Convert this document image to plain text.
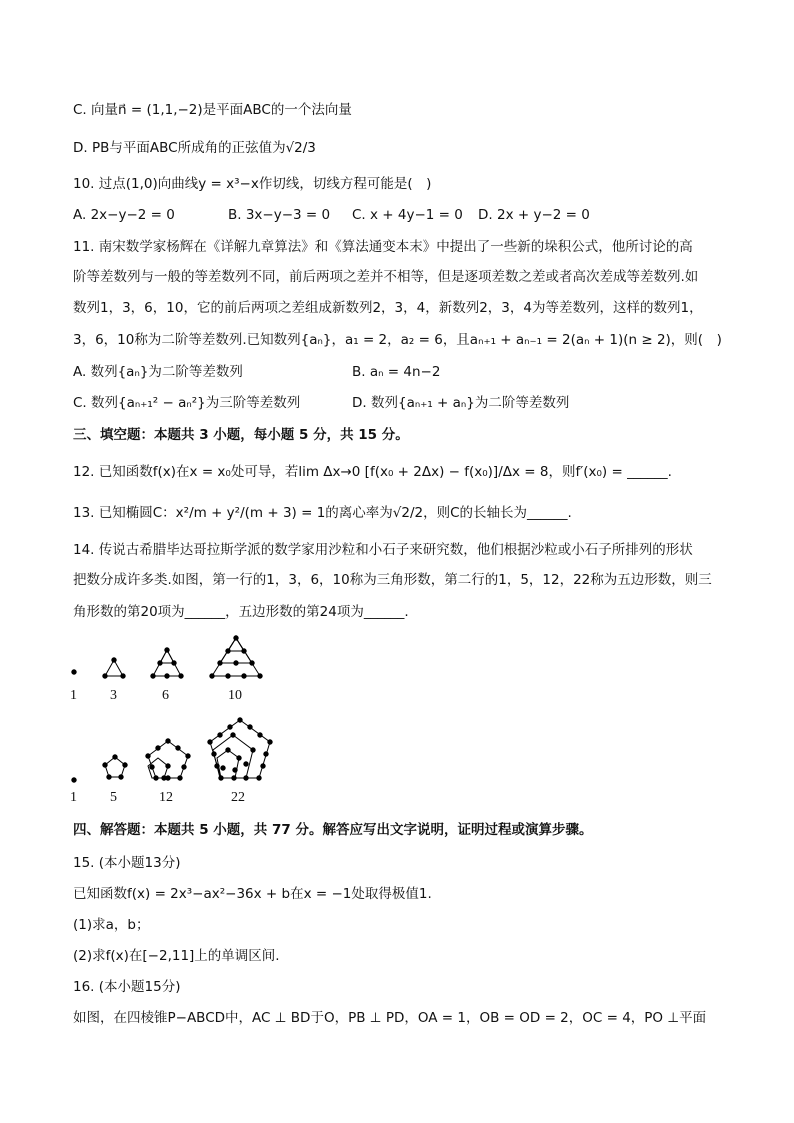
C. 向量n⃗ = (1,1,−2)是平面ABC的一个法向量
D. PB与平面ABC所成角的正弦值为√2/3
10. 过点(1,0)向曲线y = x³−x作切线，切线方程可能是(　)
A. 2x−y−2 = 0	B. 3x−y−3 = 0 C. x + 4y−1 = 0 D. 2x + y−2 = 0
11. 南宋数学家杨辉在《详解九章算法》和《算法通变本末》中提出了一些新的垛积公式，他所讨论的高
阶等差数列与一般的等差数列不同，前后两项之差并不相等，但是逐项差数之差或者高次差成等差数列.如
数列1，3，6，10，它的前后两项之差组成新数列2，3，4，新数列2，3，4为等差数列，这样的数列1，
3，6，10称为二阶等差数列.已知数列{aₙ}，a₁ = 2，a₂ = 6，且aₙ₊₁ + aₙ₋₁ = 2(aₙ + 1)(n ≥ 2)，则(　)
A. 数列{aₙ}为二阶等差数列	B. aₙ = 4n−2
C. 数列{aₙ₊₁² − aₙ²}为三阶等差数列	D. 数列{aₙ₊₁ + aₙ}为二阶等差数列
三、填空题：本题共 3 小题，每小题 5 分，共 15 分。
12. 已知函数f(x)在x = x₀处可导，若lim Δx→0 [f(x₀ + 2Δx) − f(x₀)]/Δx = 8，则f′(x₀) = ______.
13. 已知椭圆C：x²/m + y²/(m + 3) = 1的离心率为√2/2，则C的长轴长为______.
14. 传说古希腊毕达哥拉斯学派的数学家用沙粒和小石子来研究数，他们根据沙粒或小石子所排列的形状
把数分成许多类.如图，第一行的1，3，6，10称为三角形数，第二行的1，5，12，22称为五边形数，则三
角形数的第20项为______，五边形数的第24项为______.
1 3	6	10
1 5	12	22
四、解答题：本题共 5 小题，共 77 分。解答应写出文字说明，证明过程或演算步骤。
15. (本小题13分)
已知函数f(x) = 2x³−ax²−36x + b在x = −1处取得极值1.
(1)求a，b；
(2)求f(x)在[−2,11]上的单调区间.
16. (本小题15分)
如图，在四棱锥P−ABCD中，AC ⊥ BD于O，PB ⊥ PD，OA = 1，OB = OD = 2，OC = 4，PO ⊥平面
